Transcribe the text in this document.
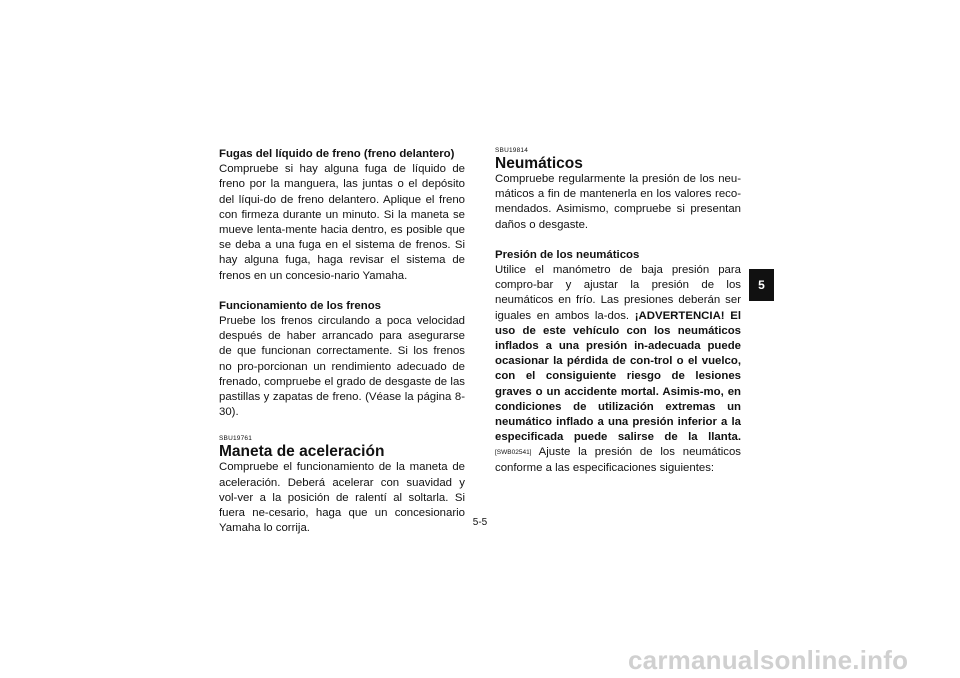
Fugas del líquido de freno (freno delantero)

Compruebe si hay alguna fuga de líquido de freno por la manguera, las juntas o el depósito del líqui-do de freno delantero. Aplique el freno con firmeza durante un minuto. Si la maneta se mueve lenta-mente hacia dentro, es posible que se deba a una fuga en el sistema de frenos. Si hay alguna fuga, haga revisar el sistema de frenos en un concesio-nario Yamaha.

Funcionamiento de los frenos

Pruebe los frenos circulando a poca velocidad después de haber arrancado para asegurarse de que funcionan correctamente. Si los frenos no pro-porcionan un rendimiento adecuado de frenado, compruebe el grado de desgaste de las pastillas y zapatas de freno. (Véase la página 8-30).

SBU19761

Maneta de aceleración

Compruebe el funcionamiento de la maneta de aceleración. Deberá acelerar con suavidad y vol-ver a la posición de ralentí al soltarla. Si fuera ne-cesario, haga que un concesionario Yamaha lo corrija.

SBU19814

Neumáticos

Compruebe regularmente la presión de los neu-máticos a fin de mantenerla en los valores reco-mendados. Asimismo, compruebe si presentan daños o desgaste.

Presión de los neumáticos

Utilice el manómetro de baja presión para compro-bar y ajustar la presión de los neumáticos en frío. Las presiones deberán ser iguales en ambos la-dos. ¡ADVERTENCIA! El uso de este vehículo con los neumáticos inflados a una presión in-adecuada puede ocasionar la pérdida de con-trol o el vuelco, con el consiguiente riesgo de lesiones graves o un accidente mortal. Asimis-mo, en condiciones de utilización extremas un neumático inflado a una presión inferior a la especificada puede salirse de la llanta. [SWB02541] Ajuste la presión de los neumáticos conforme a las especificaciones siguientes:

5-5
5
carmanualsonline.info
